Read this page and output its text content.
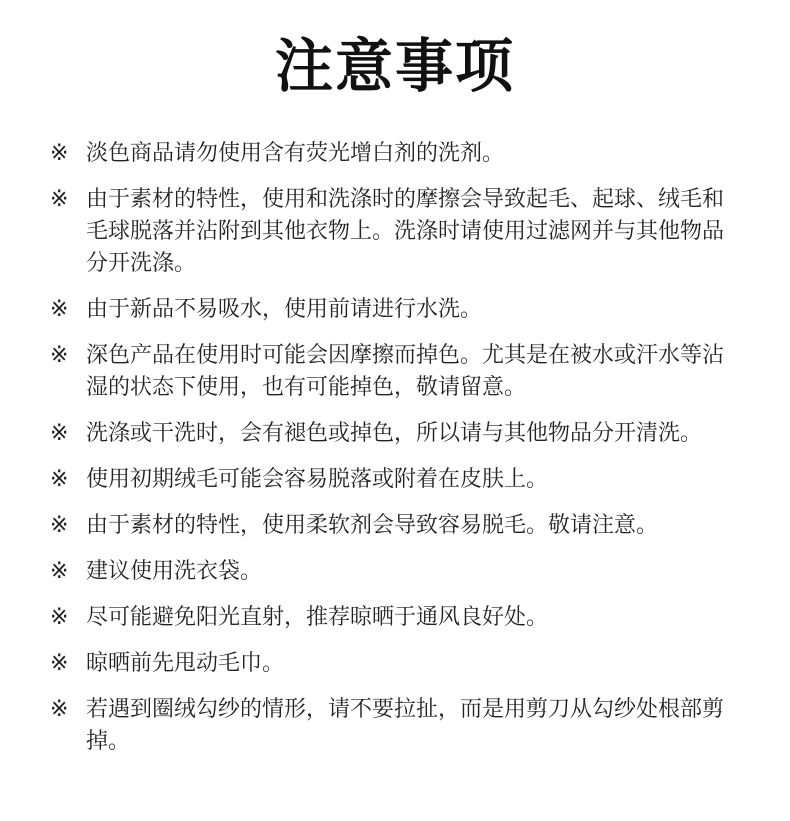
注意事项
※ 淡色商品请勿使用含有荧光增白剂的洗剂。
※ 由于素材的特性，使用和洗涤时的摩擦会导致起毛、起球、绒毛和毛球脱落并沾附到其他衣物上。洗涤时请使用过滤网并与其他物品分开洗涤。
※ 由于新品不易吸水，使用前请进行水洗。
※ 深色产品在使用时可能会因摩擦而掉色。尤其是在被水或汗水等沾湿的状态下使用，也有可能掉色，敬请留意。
※ 洗涤或干洗时，会有褪色或掉色，所以请与其他物品分开清洗。
※ 使用初期绒毛可能会容易脱落或附着在皮肤上。
※ 由于素材的特性，使用柔软剂会导致容易脱毛。敬请注意。
※ 建议使用洗衣袋。
※ 尽可能避免阳光直射，推荐晾晒于通风良好处。
※ 晾晒前先甩动毛巾。
※ 若遇到圈绒勾纱的情形，请不要拉扯，而是用剪刀从勾纱处根部剪掉。
